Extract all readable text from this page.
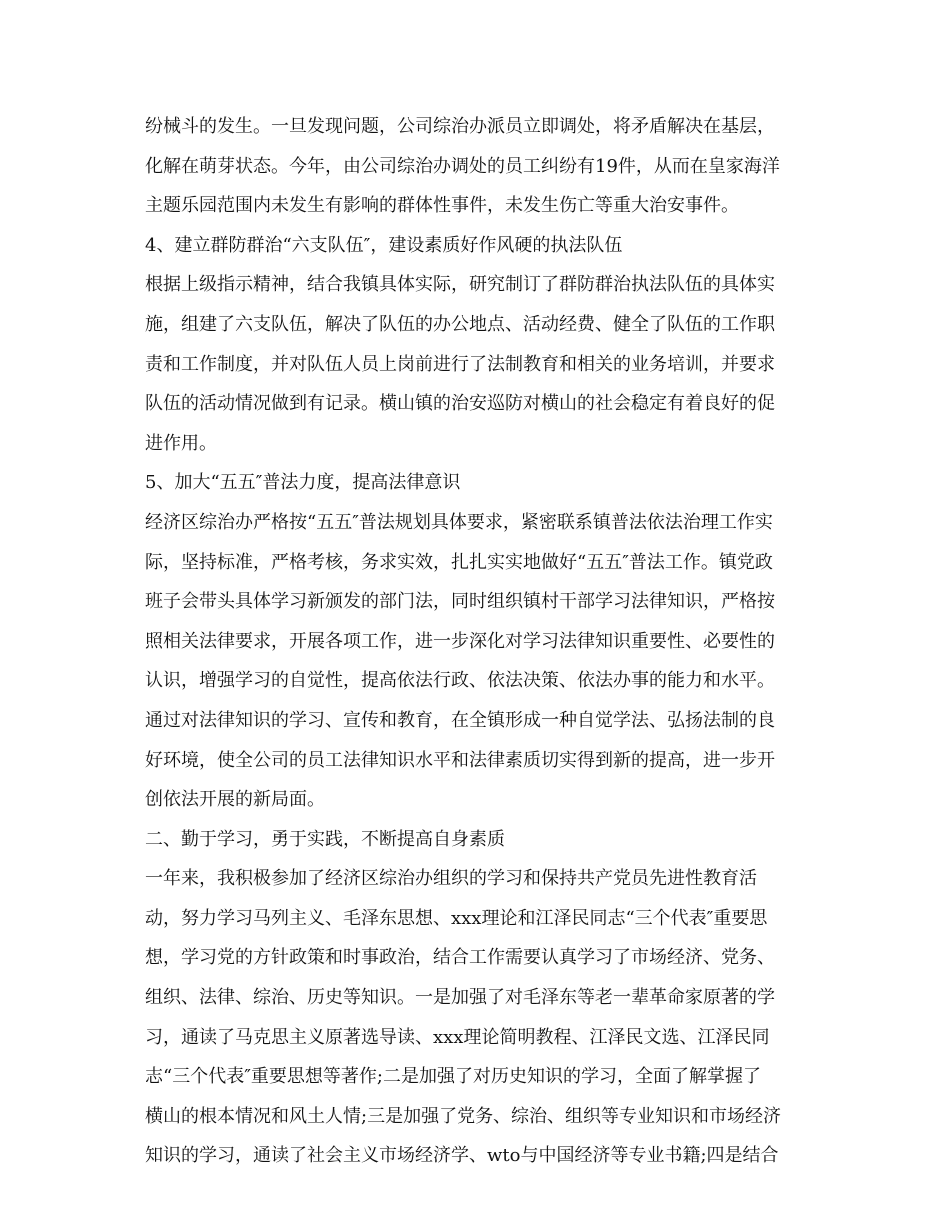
纷械斗的发生。一旦发现问题，公司综治办派员立即调处，将矛盾解决在基层，

化解在萌芽状态。今年，由公司综治办调处的员工纠纷有19件，从而在皇家海洋

主题乐园范围内未发生有影响的群体性事件，未发生伤亡等重大治安事件。

4、建立群防群治“六支队伍″，建设素质好作风硬的执法队伍

根据上级指示精神，结合我镇具体实际，研究制订了群防群治执法队伍的具体实

施，组建了六支队伍，解决了队伍的办公地点、活动经费、健全了队伍的工作职

责和工作制度，并对队伍人员上岗前进行了法制教育和相关的业务培训，并要求

队伍的活动情况做到有记录。横山镇的治安巡防对横山的社会稳定有着良好的促

进作用。

5、加大“五五″普法力度，提高法律意识

经济区综治办严格按“五五″普法规划具体要求，紧密联系镇普法依法治理工作实

际，坚持标准，严格考核，务求实效，扎扎实实地做好“五五″普法工作。镇党政

班子会带头具体学习新颁发的部门法，同时组织镇村干部学习法律知识，严格按

照相关法律要求，开展各项工作，进一步深化对学习法律知识重要性、必要性的

认识，增强学习的自觉性，提高依法行政、依法决策、依法办事的能力和水平。

通过对法律知识的学习、宣传和教育，在全镇形成一种自觉学法、弘扬法制的良

好环境，使全公司的员工法律知识水平和法律素质切实得到新的提高，进一步开

创依法开展的新局面。

二、勤于学习，勇于实践，不断提高自身素质

一年来，我积极参加了经济区综治办组织的学习和保持共产党员先进性教育活

动，努力学习马列主义、毛泽东思想、xxx理论和江泽民同志“三个代表″重要思

想，学习党的方针政策和时事政治，结合工作需要认真学习了市场经济、党务、

组织、法律、综治、历史等知识。一是加强了对毛泽东等老一辈革命家原著的学

习，通读了马克思主义原著选导读、xxx理论简明教程、江泽民文选、江泽民同

志“三个代表″重要思想等著作;二是加强了对历史知识的学习，全面了解掌握了

横山的根本情况和风土人情;三是加强了党务、综治、组织等专业知识和市场经济

知识的学习，通读了社会主义市场经济学、wto与中国经济等专业书籍;四是结合
